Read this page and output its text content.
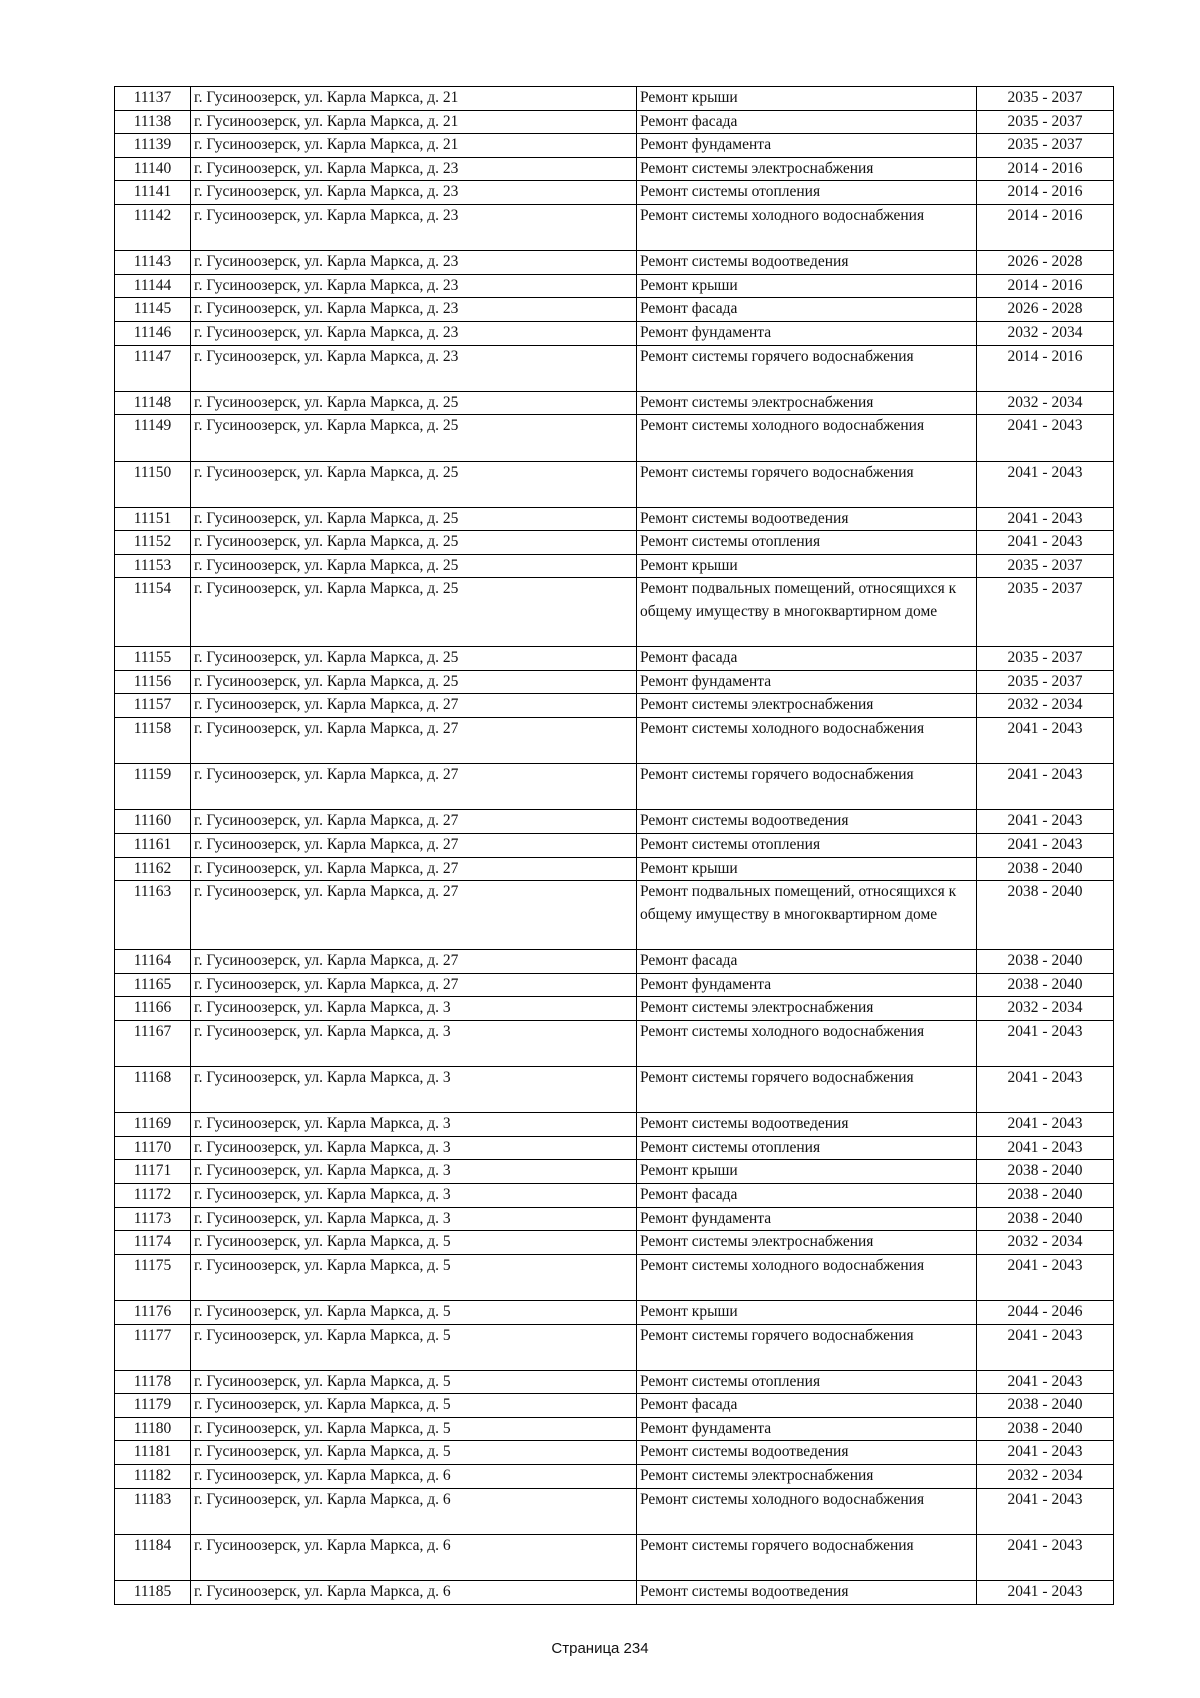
11137	г. Гусиноозерск, ул. Карла Маркса, д. 21	Ремонт крыши	2035 - 2037
11138	г. Гусиноозерск, ул. Карла Маркса, д. 21	Ремонт фасада	2035 - 2037
11139	г. Гусиноозерск, ул. Карла Маркса, д. 21	Ремонт фундамента	2035 - 2037
11140	г. Гусиноозерск, ул. Карла Маркса, д. 23	Ремонт системы электроснабжения	2014 - 2016
11141	г. Гусиноозерск, ул. Карла Маркса, д. 23	Ремонт системы отопления	2014 - 2016
11142	г. Гусиноозерск, ул. Карла Маркса, д. 23	Ремонт системы холодного водоснабжения	2014 - 2016
11143	г. Гусиноозерск, ул. Карла Маркса, д. 23	Ремонт системы водоотведения	2026 - 2028
11144	г. Гусиноозерск, ул. Карла Маркса, д. 23	Ремонт крыши	2014 - 2016
11145	г. Гусиноозерск, ул. Карла Маркса, д. 23	Ремонт фасада	2026 - 2028
11146	г. Гусиноозерск, ул. Карла Маркса, д. 23	Ремонт фундамента	2032 - 2034
11147	г. Гусиноозерск, ул. Карла Маркса, д. 23	Ремонт системы горячего водоснабжения	2014 - 2016
11148	г. Гусиноозерск, ул. Карла Маркса, д. 25	Ремонт системы электроснабжения	2032 - 2034
11149	г. Гусиноозерск, ул. Карла Маркса, д. 25	Ремонт системы холодного водоснабжения	2041 - 2043
11150	г. Гусиноозерск, ул. Карла Маркса, д. 25	Ремонт системы горячего водоснабжения	2041 - 2043
11151	г. Гусиноозерск, ул. Карла Маркса, д. 25	Ремонт системы водоотведения	2041 - 2043
11152	г. Гусиноозерск, ул. Карла Маркса, д. 25	Ремонт системы отопления	2041 - 2043
11153	г. Гусиноозерск, ул. Карла Маркса, д. 25	Ремонт крыши	2035 - 2037
11154	г. Гусиноозерск, ул. Карла Маркса, д. 25	Ремонт подвальных помещений, относящихся к общему имуществу в многоквартирном доме	2035 - 2037
11155	г. Гусиноозерск, ул. Карла Маркса, д. 25	Ремонт фасада	2035 - 2037
11156	г. Гусиноозерск, ул. Карла Маркса, д. 25	Ремонт фундамента	2035 - 2037
11157	г. Гусиноозерск, ул. Карла Маркса, д. 27	Ремонт системы электроснабжения	2032 - 2034
11158	г. Гусиноозерск, ул. Карла Маркса, д. 27	Ремонт системы холодного водоснабжения	2041 - 2043
11159	г. Гусиноозерск, ул. Карла Маркса, д. 27	Ремонт системы горячего водоснабжения	2041 - 2043
11160	г. Гусиноозерск, ул. Карла Маркса, д. 27	Ремонт системы водоотведения	2041 - 2043
11161	г. Гусиноозерск, ул. Карла Маркса, д. 27	Ремонт системы отопления	2041 - 2043
11162	г. Гусиноозерск, ул. Карла Маркса, д. 27	Ремонт крыши	2038 - 2040
11163	г. Гусиноозерск, ул. Карла Маркса, д. 27	Ремонт подвальных помещений, относящихся к общему имуществу в многоквартирном доме	2038 - 2040
11164	г. Гусиноозерск, ул. Карла Маркса, д. 27	Ремонт фасада	2038 - 2040
11165	г. Гусиноозерск, ул. Карла Маркса, д. 27	Ремонт фундамента	2038 - 2040
11166	г. Гусиноозерск, ул. Карла Маркса, д. 3	Ремонт системы электроснабжения	2032 - 2034
11167	г. Гусиноозерск, ул. Карла Маркса, д. 3	Ремонт системы холодного водоснабжения	2041 - 2043
11168	г. Гусиноозерск, ул. Карла Маркса, д. 3	Ремонт системы горячего водоснабжения	2041 - 2043
11169	г. Гусиноозерск, ул. Карла Маркса, д. 3	Ремонт системы водоотведения	2041 - 2043
11170	г. Гусиноозерск, ул. Карла Маркса, д. 3	Ремонт системы отопления	2041 - 2043
11171	г. Гусиноозерск, ул. Карла Маркса, д. 3	Ремонт крыши	2038 - 2040
11172	г. Гусиноозерск, ул. Карла Маркса, д. 3	Ремонт фасада	2038 - 2040
11173	г. Гусиноозерск, ул. Карла Маркса, д. 3	Ремонт фундамента	2038 - 2040
11174	г. Гусиноозерск, ул. Карла Маркса, д. 5	Ремонт системы электроснабжения	2032 - 2034
11175	г. Гусиноозерск, ул. Карла Маркса, д. 5	Ремонт системы холодного водоснабжения	2041 - 2043
11176	г. Гусиноозерск, ул. Карла Маркса, д. 5	Ремонт крыши	2044 - 2046
11177	г. Гусиноозерск, ул. Карла Маркса, д. 5	Ремонт системы горячего водоснабжения	2041 - 2043
11178	г. Гусиноозерск, ул. Карла Маркса, д. 5	Ремонт системы отопления	2041 - 2043
11179	г. Гусиноозерск, ул. Карла Маркса, д. 5	Ремонт фасада	2038 - 2040
11180	г. Гусиноозерск, ул. Карла Маркса, д. 5	Ремонт фундамента	2038 - 2040
11181	г. Гусиноозерск, ул. Карла Маркса, д. 5	Ремонт системы водоотведения	2041 - 2043
11182	г. Гусиноозерск, ул. Карла Маркса, д. 6	Ремонт системы электроснабжения	2032 - 2034
11183	г. Гусиноозерск, ул. Карла Маркса, д. 6	Ремонт системы холодного водоснабжения	2041 - 2043
11184	г. Гусиноозерск, ул. Карла Маркса, д. 6	Ремонт системы горячего водоснабжения	2041 - 2043
11185	г. Гусиноозерск, ул. Карла Маркса, д. 6	Ремонт системы водоотведения	2041 - 2043
Страница 234
